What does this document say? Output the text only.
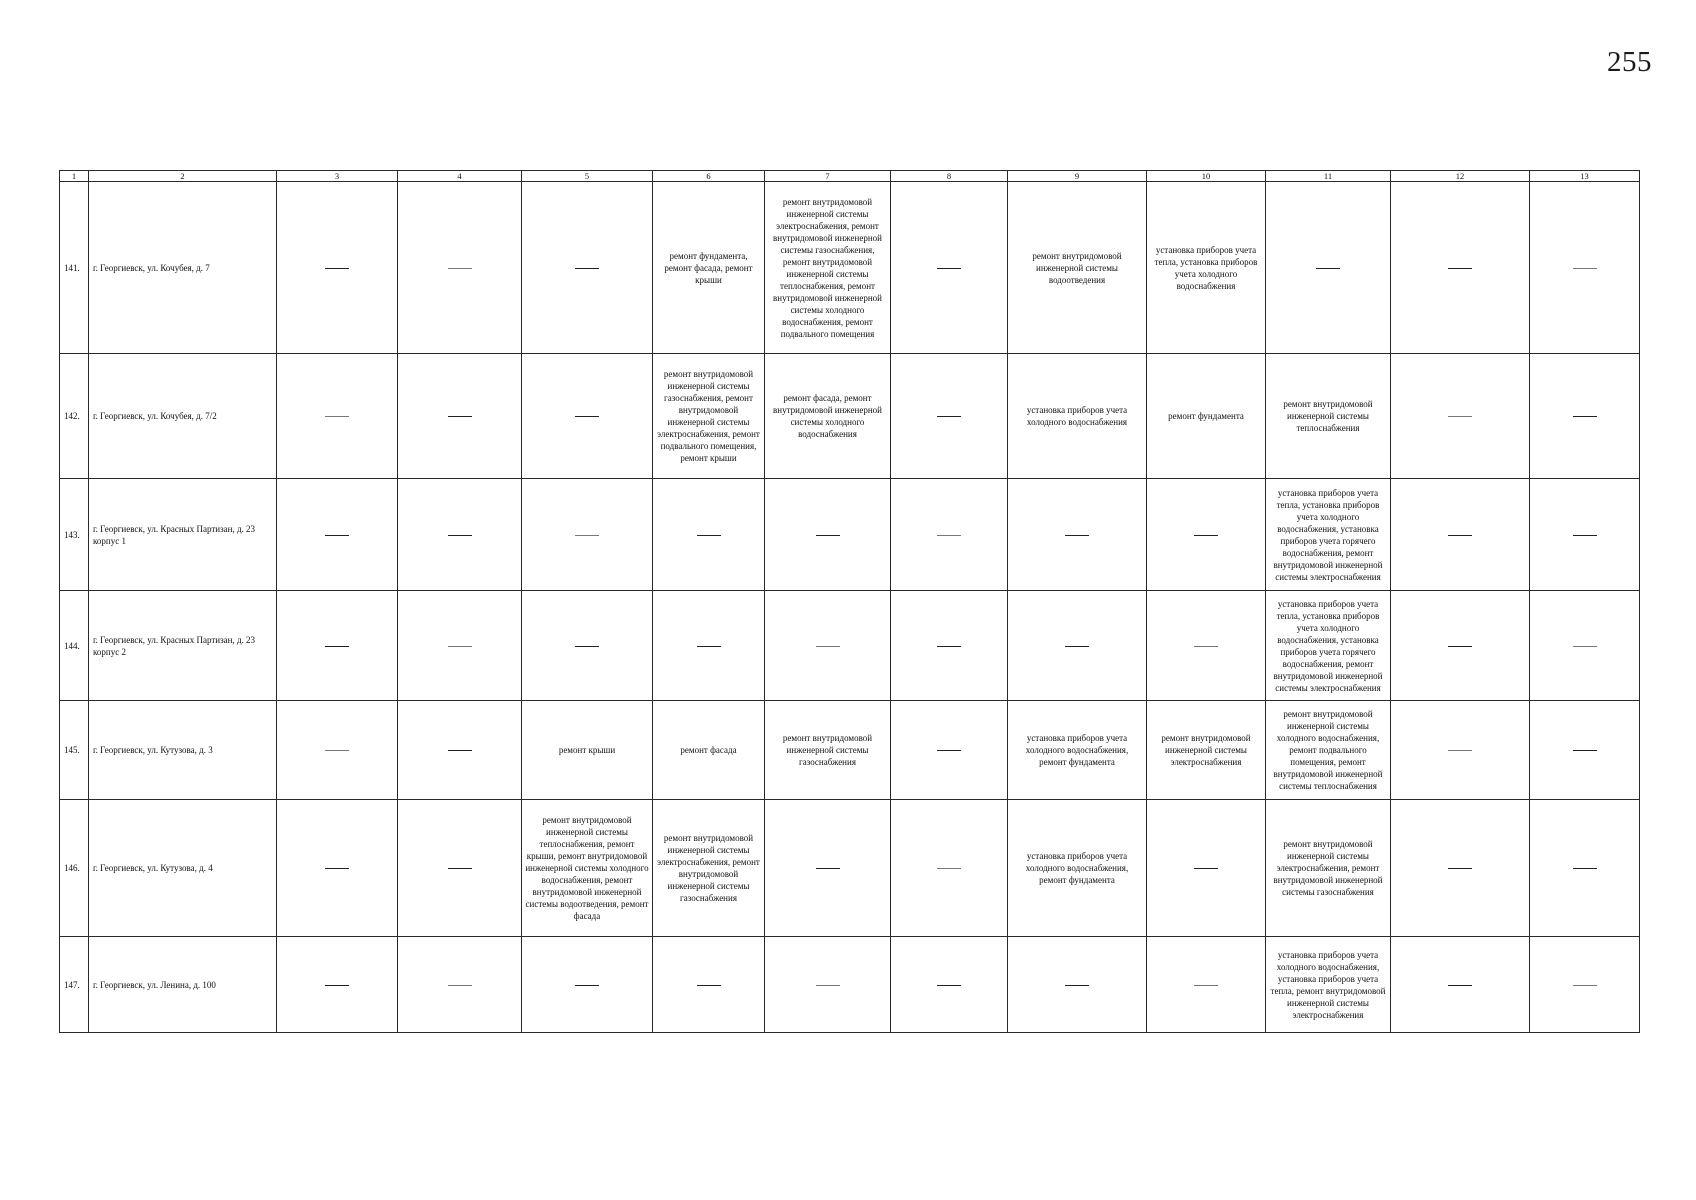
255
1	2	3	4	5	6	7	8	9	10	11	12	13
141.	г. Георгиевск, ул. Кочубея, д. 7				ремонт фундамента, ремонт фасада, ремонт крыши	ремонт внутридомовой инженерной системы электроснабжения, ремонт внутридомовой инженерной системы газоснабжения, ремонт внутридомовой инженерной системы теплоснабжения, ремонт внутридомовой инженерной системы холодного водоснабжения, ремонт подвального помещения		ремонт внутридомовой инженерной системы водоотведения	установка приборов учета тепла, установка приборов учета холодного водоснабжения			
142.	г. Георгиевск, ул. Кочубея, д. 7/2				ремонт внутридомовой инженерной системы газоснабжения, ремонт внутридомовой инженерной системы электроснабжения, ремонт подвального помещения, ремонт крыши	ремонт фасада, ремонт внутридомовой инженерной системы холодного водоснабжения		установка приборов учета холодного водоснабжения	ремонт фундамента	ремонт внутридомовой инженерной системы теплоснабжения		
143.	г. Георгиевск, ул. Красных Партизан, д. 23 корпус 1									установка приборов учета тепла, установка приборов учета холодного водоснабжения, установка приборов учета горячего водоснабжения, ремонт внутридомовой инженерной системы электроснабжения		
144.	г. Георгиевск, ул. Красных Партизан, д. 23 корпус 2									установка приборов учета тепла, установка приборов учета холодного водоснабжения, установка приборов учета горячего водоснабжения, ремонт внутридомовой инженерной системы электроснабжения		
145.	г. Георгиевск, ул. Кутузова, д. 3			ремонт крыши	ремонт фасада	ремонт внутридомовой инженерной системы газоснабжения		установка приборов учета холодного водоснабжения, ремонт фундамента	ремонт внутридомовой инженерной системы электроснабжения	ремонт внутридомовой инженерной системы холодного водоснабжения, ремонт подвального помещения, ремонт внутридомовой инженерной системы теплоснабжения		
146.	г. Георгиевск, ул. Кутузова, д. 4			ремонт внутридомовой инженерной системы теплоснабжения, ремонт крыши, ремонт внутридомовой инженерной системы холодного водоснабжения, ремонт внутридомовой инженерной системы водоотведения, ремонт фасада	ремонт внутридомовой инженерной системы электроснабжения, ремонт внутридомовой инженерной системы газоснабжения			установка приборов учета холодного водоснабжения, ремонт фундамента		ремонт внутридомовой инженерной системы электроснабжения, ремонт внутридомовой инженерной системы газоснабжения		
147.	г. Георгиевск, ул. Ленина, д. 100									установка приборов учета холодного водоснабжения, установка приборов учета тепла, ремонт внутридомовой инженерной системы электроснабжения		
